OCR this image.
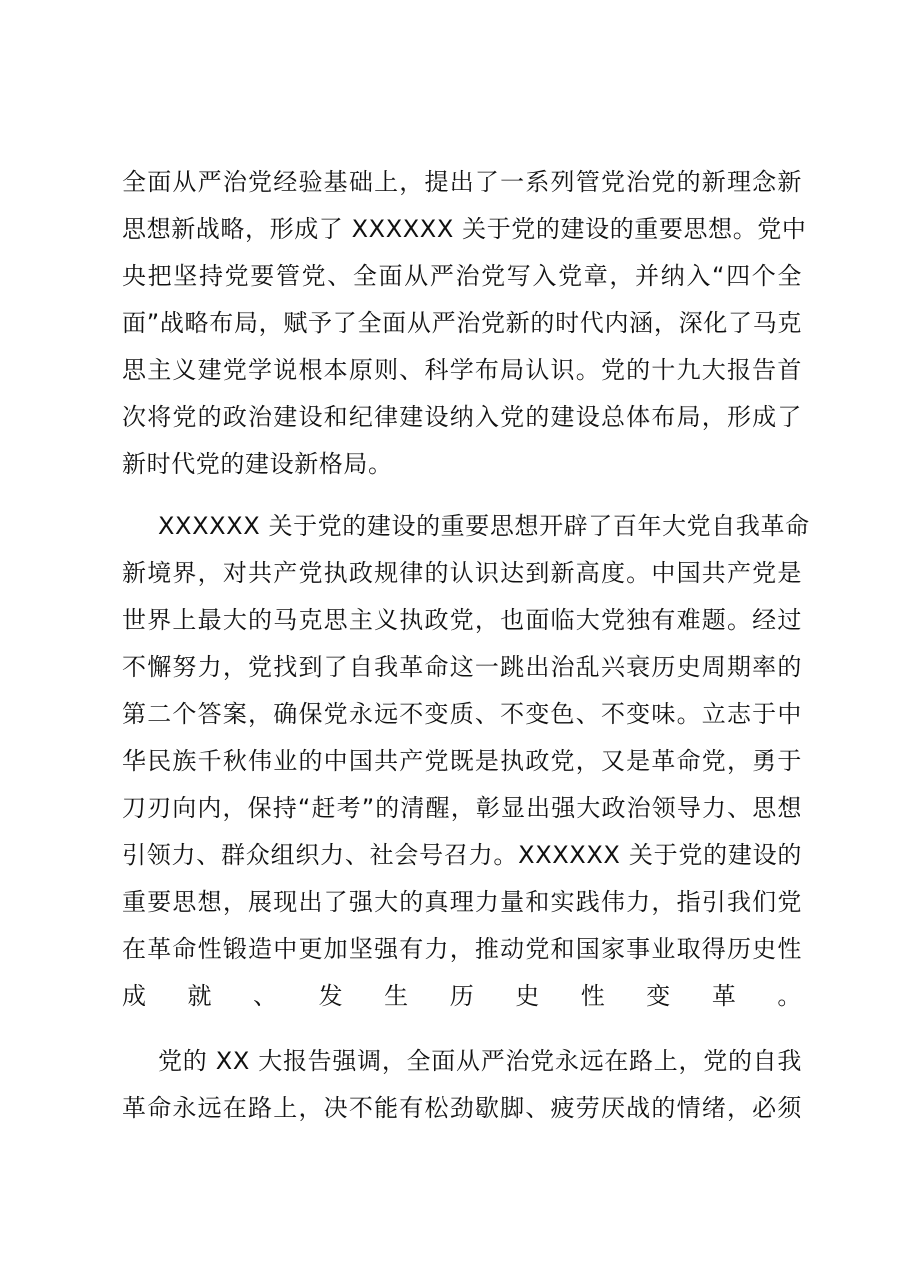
全面从严治党经验基础上，提出了一系列管党治党的新理念新
思想新战略，形成了 XXXXXX 关于党的建设的重要思想。党中
央把坚持党要管党、全面从严治党写入党章，并纳入“四个全
面”战略布局，赋予了全面从严治党新的时代内涵，深化了马克
思主义建党学说根本原则、科学布局认识。党的十九大报告首
次将党的政治建设和纪律建设纳入党的建设总体布局，形成了
新时代党的建设新格局。
XXXXXX 关于党的建设的重要思想开辟了百年大党自我革命
新境界，对共产党执政规律的认识达到新高度。中国共产党是
世界上最大的马克思主义执政党，也面临大党独有难题。经过
不懈努力，党找到了自我革命这一跳出治乱兴衰历史周期率的
第二个答案，确保党永远不变质、不变色、不变味。立志于中
华民族千秋伟业的中国共产党既是执政党，又是革命党，勇于
刀刃向内，保持“赶考”的清醒，彰显出强大政治领导力、思想
引领力、群众组织力、社会号召力。XXXXXX 关于党的建设的
重要思想，展现出了强大的真理力量和实践伟力，指引我们党
在革命性锻造中更加坚强有力，推动党和国家事业取得历史性
成就、发生历史性变革。
党的 XX 大报告强调，全面从严治党永远在路上，党的自我
革命永远在路上，决不能有松劲歇脚、疲劳厌战的情绪，必须
